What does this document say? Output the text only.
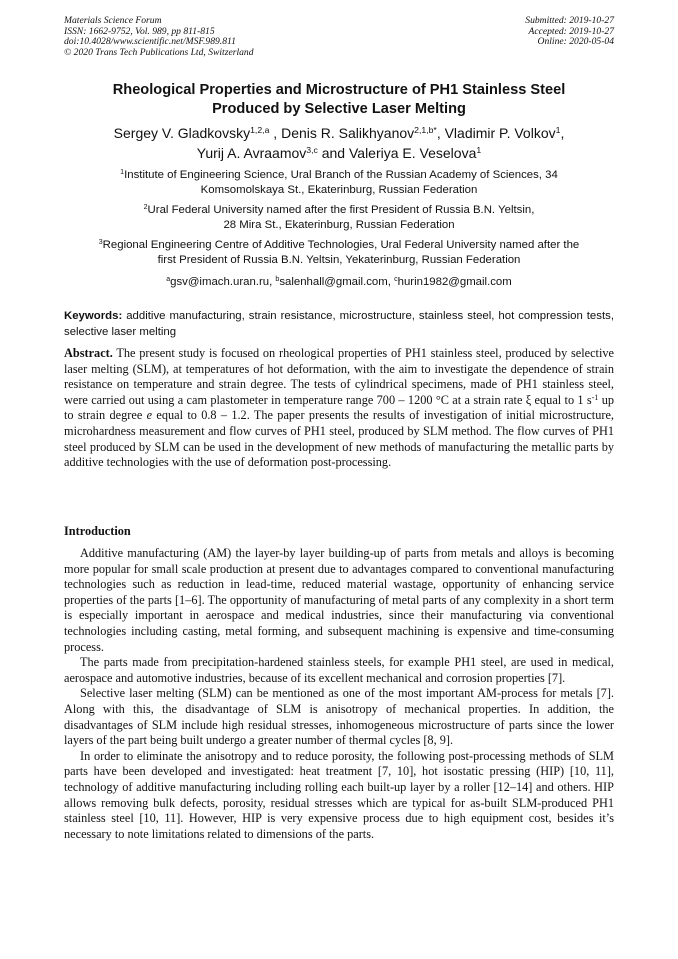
Materials Science Forum
ISSN: 1662-9752, Vol. 989, pp 811-815
doi:10.4028/www.scientific.net/MSF.989.811
© 2020 Trans Tech Publications Ltd, Switzerland
Submitted: 2019-10-27
Accepted: 2019-10-27
Online: 2020-05-04
Rheological Properties and Microstructure of PH1 Stainless Steel
Produced by Selective Laser Melting
Sergey V. Gladkovsky$^{1,2,a}$ , Denis R. Salikhyanov$^{2,1,b*}$, Vladimir P. Volkov$^1$,
Yurij A. Avraamov$^{3,c}$ and Valeriya E. Veselova$^1$
$^1$Institute of Engineering Science, Ural Branch of the Russian Academy of Sciences, 34
Komsomolskaya St., Ekaterinburg, Russian Federation
$^2$Ural Federal University named after the first President of Russia B.N. Yeltsin,
28 Mira St., Ekaterinburg, Russian Federation
$^3$Regional Engineering Centre of Additive Technologies, Ural Federal University named after the
first President of Russia B.N. Yeltsin, Yekaterinburg, Russian Federation
$^a$gsv@imach.uran.ru, $^b$salenhall@gmail.com, $^c$hurin1982@gmail.com
Keywords: additive manufacturing, strain resistance, microstructure, stainless steel, hot compression tests, selective laser melting
Abstract. The present study is focused on rheological properties of PH1 stainless steel, produced by selective laser melting (SLM), at temperatures of hot deformation, with the aim to investigate the dependence of strain resistance on temperature and strain degree. The tests of cylindrical specimens, made of PH1 stainless steel, were carried out using a cam plastometer in temperature range 700 – 1200 °C at a strain rate ξ equal to 1 $s^{-1}$ up to strain degree e equal to 0.8 – 1.2. The paper presents the results of investigation of initial microstructure, microhardness measurement and flow curves of PH1 steel, produced by SLM method. The flow curves of PH1 steel produced by SLM can be used in the development of new methods of manufacturing the metallic parts by additive technologies with the use of deformation post-processing.
Introduction

Additive manufacturing (AM) the layer-by layer building-up of parts from metals and alloys is becoming more popular for small scale production at present due to advantages compared to conventional manufacturing technologies such as reduction in lead-time, reduced material wastage, opportunity of enhancing service properties of the parts [1–6]. The opportunity of manufacturing of metal parts of any complexity in a short term is especially important in aerospace and medical industries, since their manufacturing via conventional technologies including casting, metal forming, and subsequent machining is expensive and time-consuming process.

The parts made from precipitation-hardened stainless steels, for example PH1 steel, are used in medical, aerospace and automotive industries, because of its excellent mechanical and corrosion properties [7].

Selective laser melting (SLM) can be mentioned as one of the most important AM-process for metals [7]. Along with this, the disadvantage of SLM is anisotropy of mechanical properties. In addition, the disadvantages of SLM include high residual stresses, inhomogeneous microstructure of parts since the lower layers of the part being built undergo a greater number of thermal cycles [8, 9].

In order to eliminate the anisotropy and to reduce porosity, the following post-processing methods of SLM parts have been developed and investigated: heat treatment [7, 10], hot isostatic pressing (HIP) [10, 11], technology of additive manufacturing including rolling each built-up layer by a roller [12–14] and others. HIP allows removing bulk defects, porosity, residual stresses which are typical for as-built SLM-produced PH1 stainless steel [10, 11]. However, HIP is very expensive process due to high equipment cost, besides it’s necessary to note limitations related to dimensions of the parts.
